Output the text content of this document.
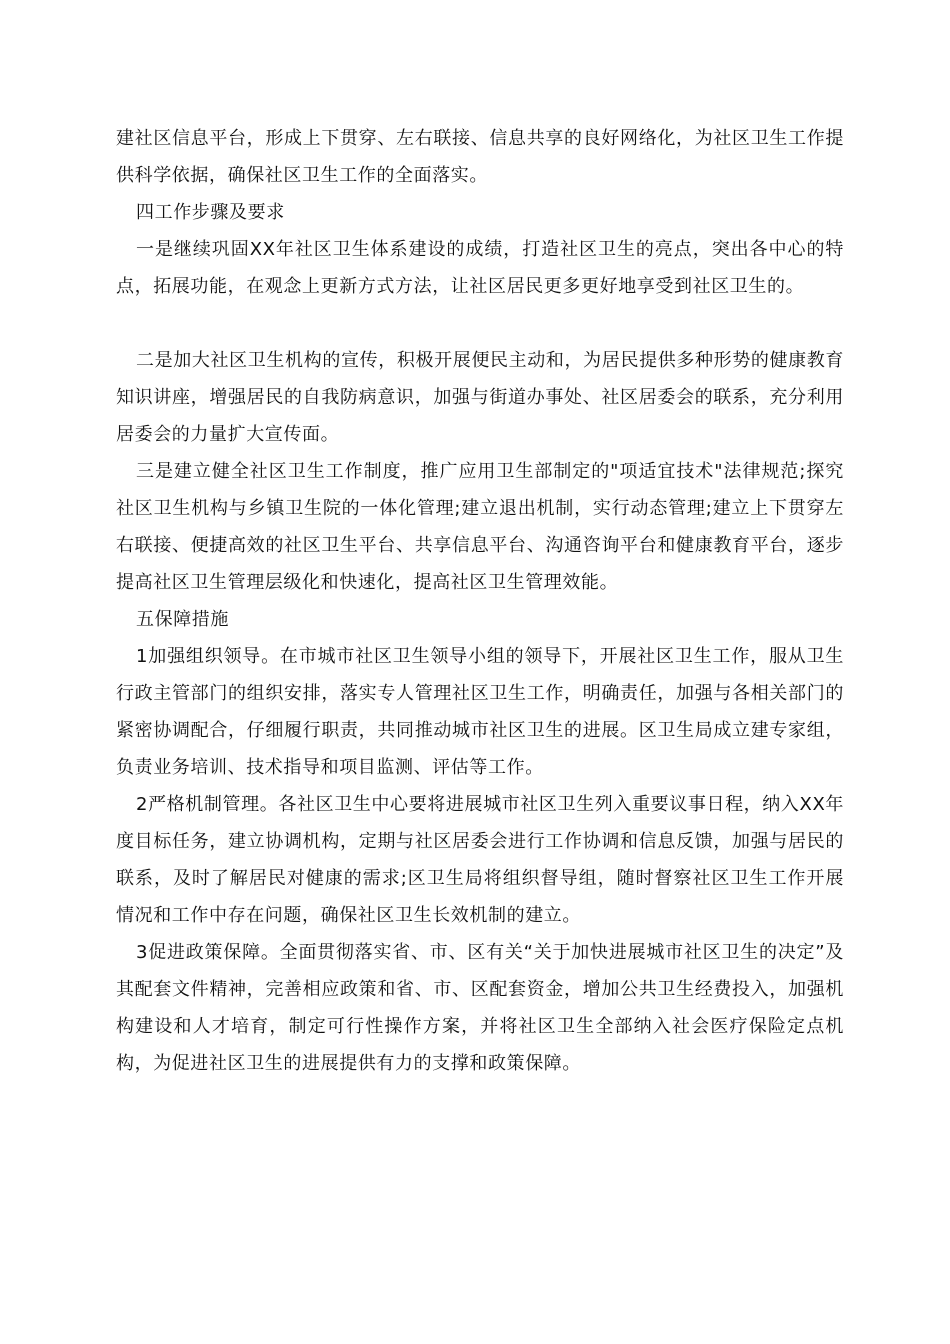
建社区信息平台，形成上下贯穿、左右联接、信息共享的良好网络化，为社区卫生工作提供科学依据，确保社区卫生工作的全面落实。

四工作步骤及要求

一是继续巩固XX年社区卫生体系建设的成绩，打造社区卫生的亮点，突出各中心的特点，拓展功能，在观念上更新方式方法，让社区居民更多更好地享受到社区卫生的。

二是加大社区卫生机构的宣传，积极开展便民主动和，为居民提供多种形势的健康教育知识讲座，增强居民的自我防病意识，加强与街道办事处、社区居委会的联系，充分利用居委会的力量扩大宣传面。

三是建立健全社区卫生工作制度，推广应用卫生部制定的"项适宜技术"法律规范;探究社区卫生机构与乡镇卫生院的一体化管理;建立退出机制，实行动态管理;建立上下贯穿左右联接、便捷高效的社区卫生平台、共享信息平台、沟通咨询平台和健康教育平台，逐步提高社区卫生管理层级化和快速化，提高社区卫生管理效能。

五保障措施

1加强组织领导。在市城市社区卫生领导小组的领导下，开展社区卫生工作，服从卫生行政主管部门的组织安排，落实专人管理社区卫生工作，明确责任，加强与各相关部门的紧密协调配合，仔细履行职责，共同推动城市社区卫生的进展。区卫生局成立建专家组，负责业务培训、技术指导和项目监测、评估等工作。

2严格机制管理。各社区卫生中心要将进展城市社区卫生列入重要议事日程，纳入XX年度目标任务，建立协调机构，定期与社区居委会进行工作协调和信息反馈，加强与居民的联系，及时了解居民对健康的需求;区卫生局将组织督导组，随时督察社区卫生工作开展情况和工作中存在问题，确保社区卫生长效机制的建立。

3促进政策保障。全面贯彻落实省、市、区有关“关于加快进展城市社区卫生的决定”及其配套文件精神，完善相应政策和省、市、区配套资金，增加公共卫生经费投入，加强机构建设和人才培育，制定可行性操作方案，并将社区卫生全部纳入社会医疗保险定点机构，为促进社区卫生的进展提供有力的支撑和政策保障。
